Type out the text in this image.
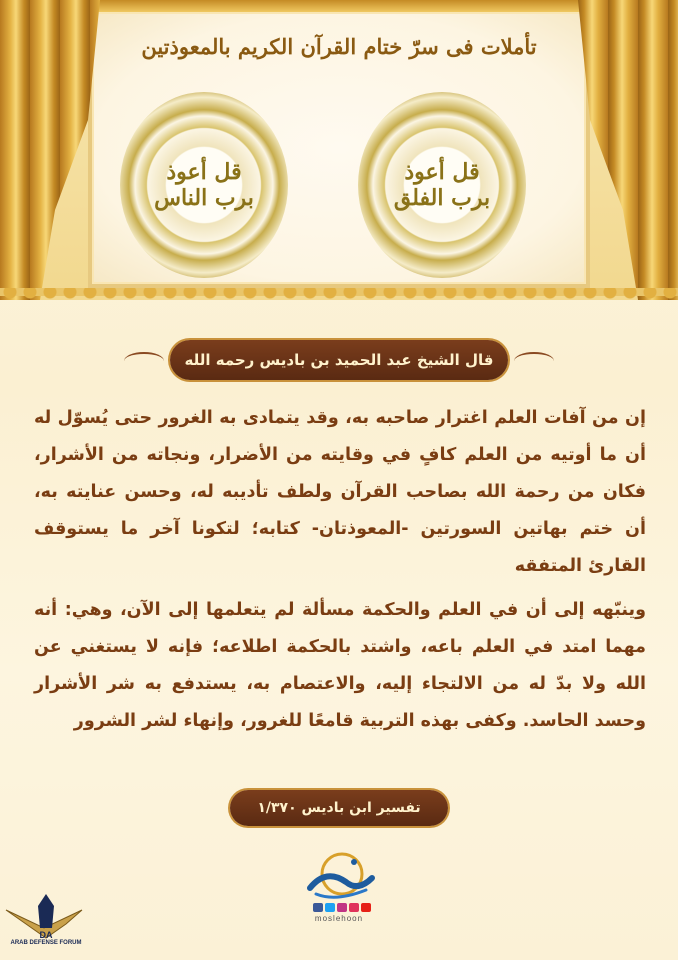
تأملات فى سرّ ختام القرآن الكريم بالمعوذتين
قل أعوذ برب الفلق
قل أعوذ برب الناس
قال الشيخ عبد الحميد بن باديس رحمه الله
إن من آفات العلم اغترار صاحبه به، وقد يتمادى به الغرور حتى يُسوّل له أن ما أوتيه من العلم كافٍ في وقايته من الأضرار، ونجاته من الأشرار، فكان من رحمة الله بصاحب القرآن ولطف تأديبه له، وحسن عنايته به، أن ختم بهاتين السورتين -المعوذتان- كتابه؛ لتكونا آخر ما يستوقف القارئ المتفقه
وينبّهه إلى أن في العلم والحكمة مسألة لم يتعلمها إلى الآن، وهي: أنه مهما امتد في العلم باعه، واشتد بالحكمة اطلاعه؛ فإنه لا يستغني عن الله ولا بدّ له من الالتجاء إليه، والاعتصام به، يستدفع به شر الأشرار وحسد الحاسد. وكفى بهذه التربية قامعًا للغرور، وإنهاء لشر الشرور
تفسير ابن باديس ١/٣٧٠
moslehoon
DA
ARAB DEFENSE FORUM
